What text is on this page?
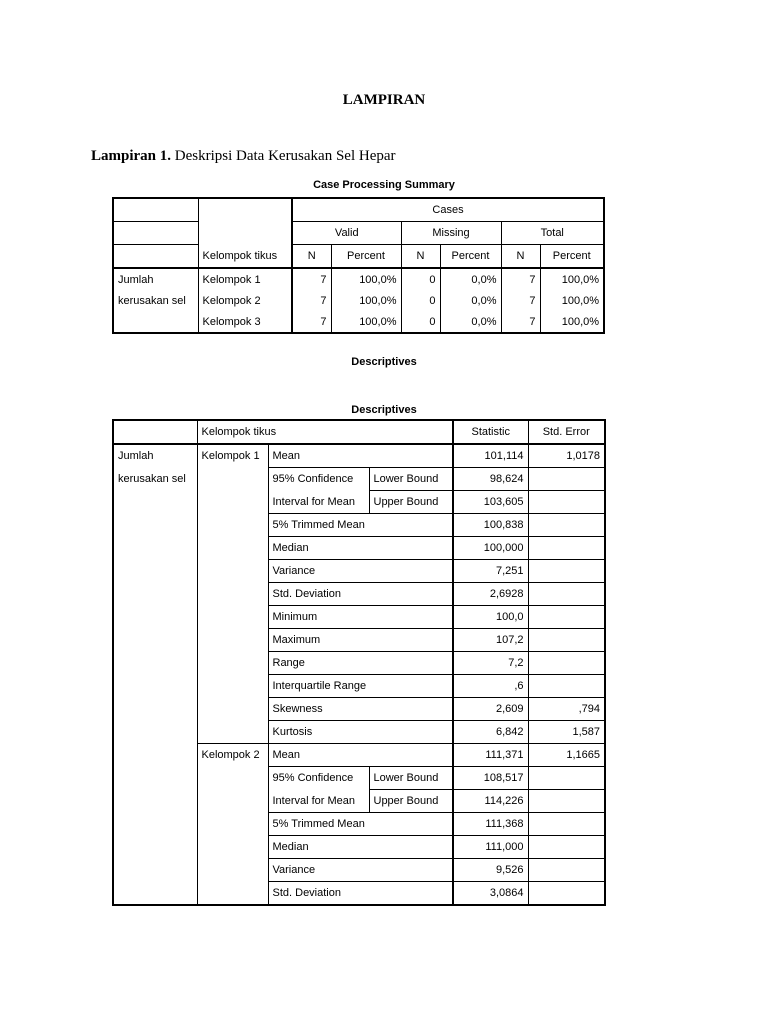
LAMPIRAN
Lampiran 1. Deskripsi Data Kerusakan Sel Hepar
Case Processing Summary
		Cases					
		Valid		Missing		Total	
	Kelompok tikus	N	Percent	N	Percent	N	Percent
Jumlah	Kelompok 1	7	100,0%	0	0,0%	7	100,0%
kerusakan sel	Kelompok 2	7	100,0%	0	0,0%	7	100,0%
	Kelompok 3	7	100,0%	0	0,0%	7	100,0%
Descriptives
Descriptives
	Kelompok tikus			Statistic	Std. Error
Jumlah	Kelompok 1	Mean		101,114	1,0178
kerusakan sel		95% Confidence	Lower Bound	98,624	
		Interval for Mean	Upper Bound	103,605	
		5% Trimmed Mean		100,838	
		Median		100,000	
		Variance		7,251	
		Std. Deviation		2,6928	
		Minimum		100,0	
		Maximum		107,2	
		Range		7,2	
		Interquartile Range		,6	
		Skewness		2,609	,794
		Kurtosis		6,842	1,587
	Kelompok 2	Mean		111,371	1,1665
		95% Confidence	Lower Bound	108,517	
		Interval for Mean	Upper Bound	114,226	
		5% Trimmed Mean		111,368	
		Median		111,000	
		Variance		9,526	
		Std. Deviation		3,0864	
